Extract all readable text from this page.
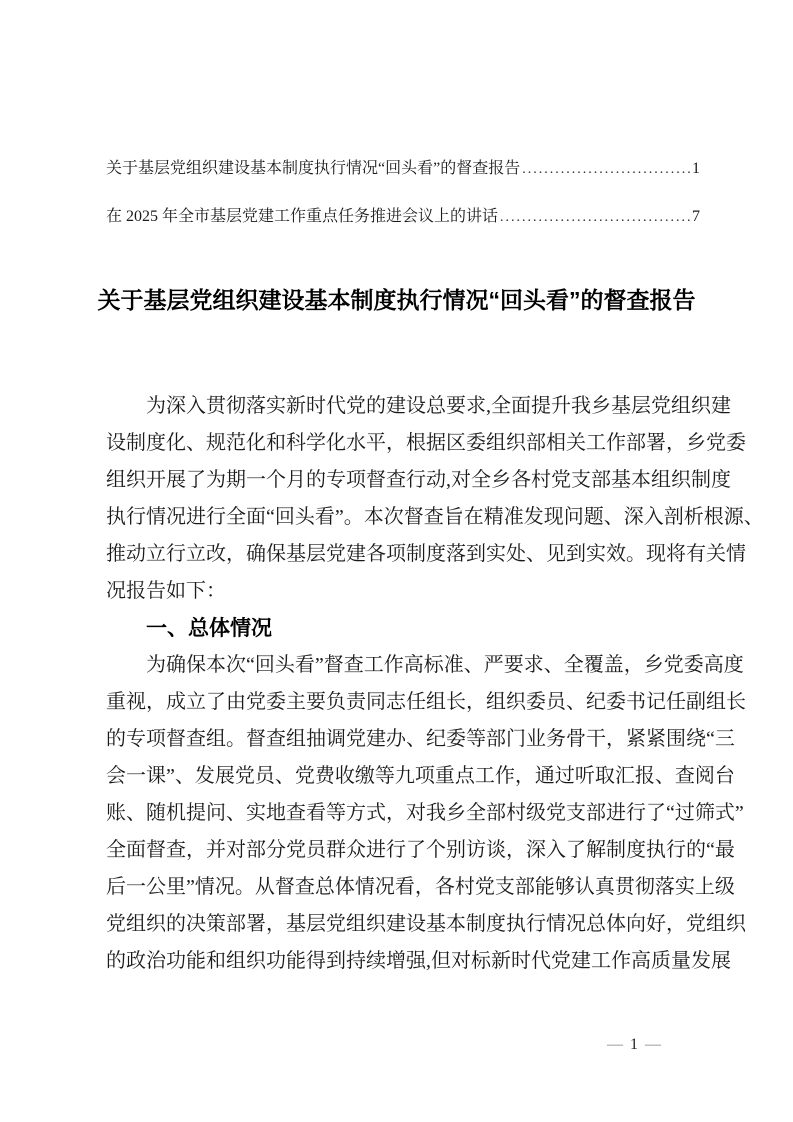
关于基层党组织建设基本制度执行情况“回头看”的督查报告 .....	1
在 2025 年全市基层党建工作重点任务推进会议上的讲话 .....	7
关于基层党组织建设基本制度执行情况“回头看”的督查报告
为深入贯彻落实新时代党的建设总要求,全面提升我乡基层党组织建
设制度化、规范化和科学化水平，根据区委组织部相关工作部署，乡党委
组织开展了为期一个月的专项督查行动,对全乡各村党支部基本组织制度
执行情况进行全面“回头看”。本次督查旨在精准发现问题、深入剖析根源、
推动立行立改，确保基层党建各项制度落到实处、见到实效。现将有关情
况报告如下：
一、总体情况
为确保本次“回头看”督查工作高标准、严要求、全覆盖，乡党委高度
重视，成立了由党委主要负责同志任组长，组织委员、纪委书记任副组长
的专项督查组。督查组抽调党建办、纪委等部门业务骨干，紧紧围绕“三
会一课”、发展党员、党费收缴等九项重点工作，通过听取汇报、查阅台
账、随机提问、实地查看等方式，对我乡全部村级党支部进行了“过筛式”
全面督查，并对部分党员群众进行了个别访谈，深入了解制度执行的“最
后一公里”情况。从督查总体情况看，各村党支部能够认真贯彻落实上级
党组织的决策部署，基层党组织建设基本制度执行情况总体向好，党组织
的政治功能和组织功能得到持续增强,但对标新时代党建工作高质量发展
— 1 —
